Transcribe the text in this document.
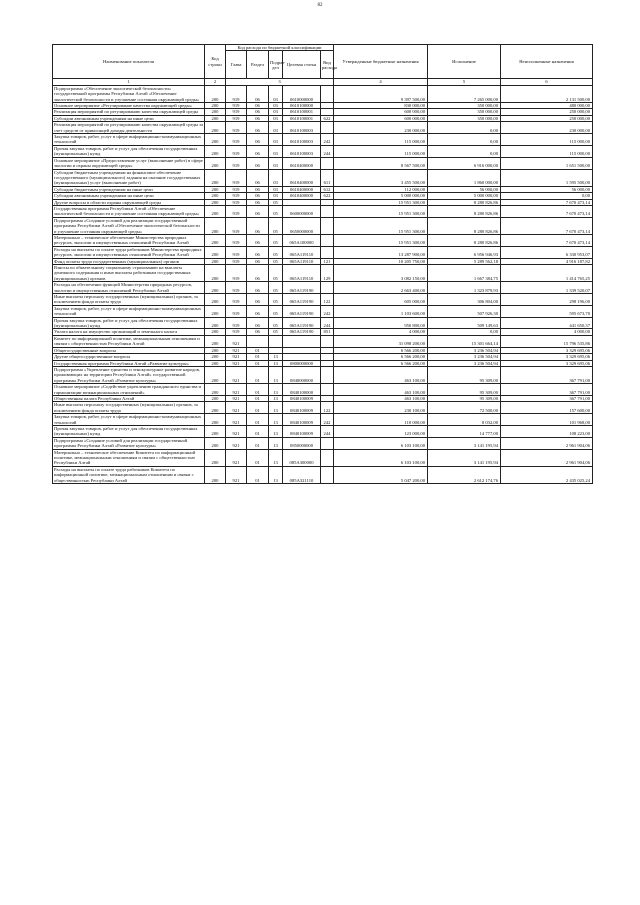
82
Наименование показателя	Код строки	Код расхода по бюджетной классификации					Утвержденные бюджетные назначения	Исполнение	Неисполненные назначения
		Глава	Раздел	Подраз-дел	Целевая статья	Вид расхода			
1	2	3					4	5	6
Подпрограмма «Обеспечение экологической безопасности» государственной программы Республики Алтай «Обеспечение экологической безопасности и улучшение состояния окружающей среды»	200	919	06	03	0610000000		9 397 500,00	7 265 000,00	2 131 500,00
Основное мероприятие «Регулирование качества окружающей среды»	200	919	06	03	0610100000		830 000,00	350 000,00	480 000,00
Реализация мероприятий по регулированию качества окружающей среды	200	919	06	03	0610100001		600 000,00	350 000,00	250 000,00
Субсидии автономным учреждениям на иные цели	200	919	06	03	0610100001	622	600 000,00	350 000,00	250 000,00
Реализация мероприятий по регулированию качества окружающей среды за счет средств от приносящей доходы деятельности	200	919	06	03	0610100003		230 000,00	0,00	230 000,00
Закупка товаров, работ, услуг в сфере информационно-коммуникационных технологий	200	919	06	03	0610100003	242	115 000,00	0,00	115 000,00
Прочая закупка товаров, работ и услуг для обеспечения государственных (муниципальных) нужд	200	919	06	03	0610100003	244	115 000,00	0,00	115 000,00
Основное мероприятие «Предоставление услуг (выполнение работ) в сфере экологии и охраны окружающей среды»	200	919	06	03	0610400000		8 567 500,00	6 916 000,00	1 651 500,00
Субсидии бюджетным учреждениям на финансовое обеспечение государственного (муниципального) задания на оказание государственных (муниципальных) услуг (выполнение работ)	200	919	06	03	0610400000	611	3 455 500,00	1 860 000,00	1 595 500,00
Субсидии бюджетным учреждениям на иные цели	200	919	06	03	0610400000	612	112 000,00	56 000,00	56 000,00
Субсидии автономным учреждениям на иные цели	200	919	06	03	0610400000	622	5 000 000,00	5 000 000,00	0,00
Другие вопросы в области охраны окружающей среды	200	919	06	05			15 951 300,00	8 280 826,86	7 670 473,14
Государственная программа Республики Алтай «Обеспечение экологической безопасности и улучшение состояния окружающей среды»	200	919	06	05	0600000000		15 951 300,00	8 280 826,86	7 670 473,14
Подпрограмма «Создание условий для реализации государственной программы Республики Алтай «Обеспечение экологической безопасности и улучшение состояния окружающей среды»	200	919	06	05	0650000000		15 951 300,00	8 280 826,86	7 670 473,14
Материально – техническое обеспечение Министерства природных ресурсов, экологии и имущественных отношений Республики Алтай	200	919	06	05	065А100000		15 951 300,00	8 280 826,86	7 670 473,14
Расходы на выплаты по оплате труда работников Министерства природных ресурсов, экологии и имущественных отношений Республики Алтай	200	919	06	05	065А119110		13 287 900,00	6 956 946,93	6 330 953,07
Фонд оплаты труда государственных (муниципальных) органов	200	919	06	05	065А119110	121	10 205 750,00	5 289 562,18	4 916 187,82
Взносы по обязательному социальному страхованию на выплаты денежного содержания и иные выплаты работникам государственных (муниципальных) органов	200	919	06	05	065А119110	129	3 082 150,00	1 667 384,75	1 414 765,25
Расходы на обеспечение функций Министерства природных ресурсов, экологии и имущественных отношений Республики Алтай	200	919	06	05	065А119190		2 663 400,00	1 323 879,93	1 339 520,07
Иные выплаты персоналу государственных (муниципальных) органов, за исключением фонда оплаты труда	200	919	06	05	065А119190	122	605 000,00	306 804,00	298 196,00
Закупка товаров, работ, услуг в сфере информационно-коммуникационных технологий	200	919	06	05	065А119190	242	1 103 600,00	507 926,30	595 673,70
Прочая закупка товаров, работ и услуг для обеспечения государственных (муниципальных) нужд	200	919	06	05	065А119190	244	950 800,00	509 149,63	441 650,37
Уплата налога на имущество организаций и земельного налога	200	919	06	05	065А119190	851	4 000,00	0,00	4 000,00
Комитет по информационной политике, межнациональным отношениям и связям с общественностью Республики Алтай	200	921					31 098 200,00	15 301 664,14	15 796 535,86
Общегосударственные вопросы	200	921	01				6 566 200,00	3 236 504,94	3 329 695,06
Другие общегосударственные вопросы	200	921	01	13			6 566 200,00	3 236 504,94	3 329 695,06
Государственная программа Республики Алтай «Развитие культуры»	200	921	01	13	0800000000		6 566 200,00	3 236 504,94	3 329 695,06
Подпрограмма «Укрепление единства и этнокультурное развитие народов, проживающих на территории Республики Алтай» государственной программы Республики Алтай «Развитие культуры»	200	921	01	13	0840000000		463 100,00	95 309,00	367 791,00
Основное мероприятие «Содействие укреплению гражданского единства и гармонизации межнациональных отношений»	200	921	01	13	0840100000		463 100,00	95 309,00	367 791,00
Общественная палата Республики Алтай	200	921	01	13	0840100009		463 100,00	95 309,00	367 791,00
Иные выплаты персоналу государственных (муниципальных) органов, за исключением фонда оплаты труда	200	921	01	13	0840100009	122	230 100,00	72 500,00	157 600,00
Закупка товаров, работ, услуг в сфере информационно-коммуникационных технологий	200	921	01	13	0840100009	242	110 000,00	8 032,00	101 968,00
Прочая закупка товаров, работ и услуг для обеспечения государственных (муниципальных) нужд	200	921	01	13	0840100009	244	123 000,00	14 777,00	108 223,00
Подпрограмма «Создание условий для реализации государственной программы Республики Алтай «Развитие культуры»	200	921	01	13	0850000000		6 103 100,00	3 141 195,94	2 961 904,06
Материально – техническое обеспечение Комитета по информационной политике, межнациональным отношениям и связям с общественностью Республики Алтай	200	921	01	13	085А300000		6 103 100,00	3 141 195,94	2 961 904,06
Расходы на выплаты по оплате труда работников Комитета по информационной политике, межнациональным отношениям и связям с общественностью Республики Алтай	200	921	01	13	085А321110		5 047 200,00	2 612 174,76	2 435 025,24
